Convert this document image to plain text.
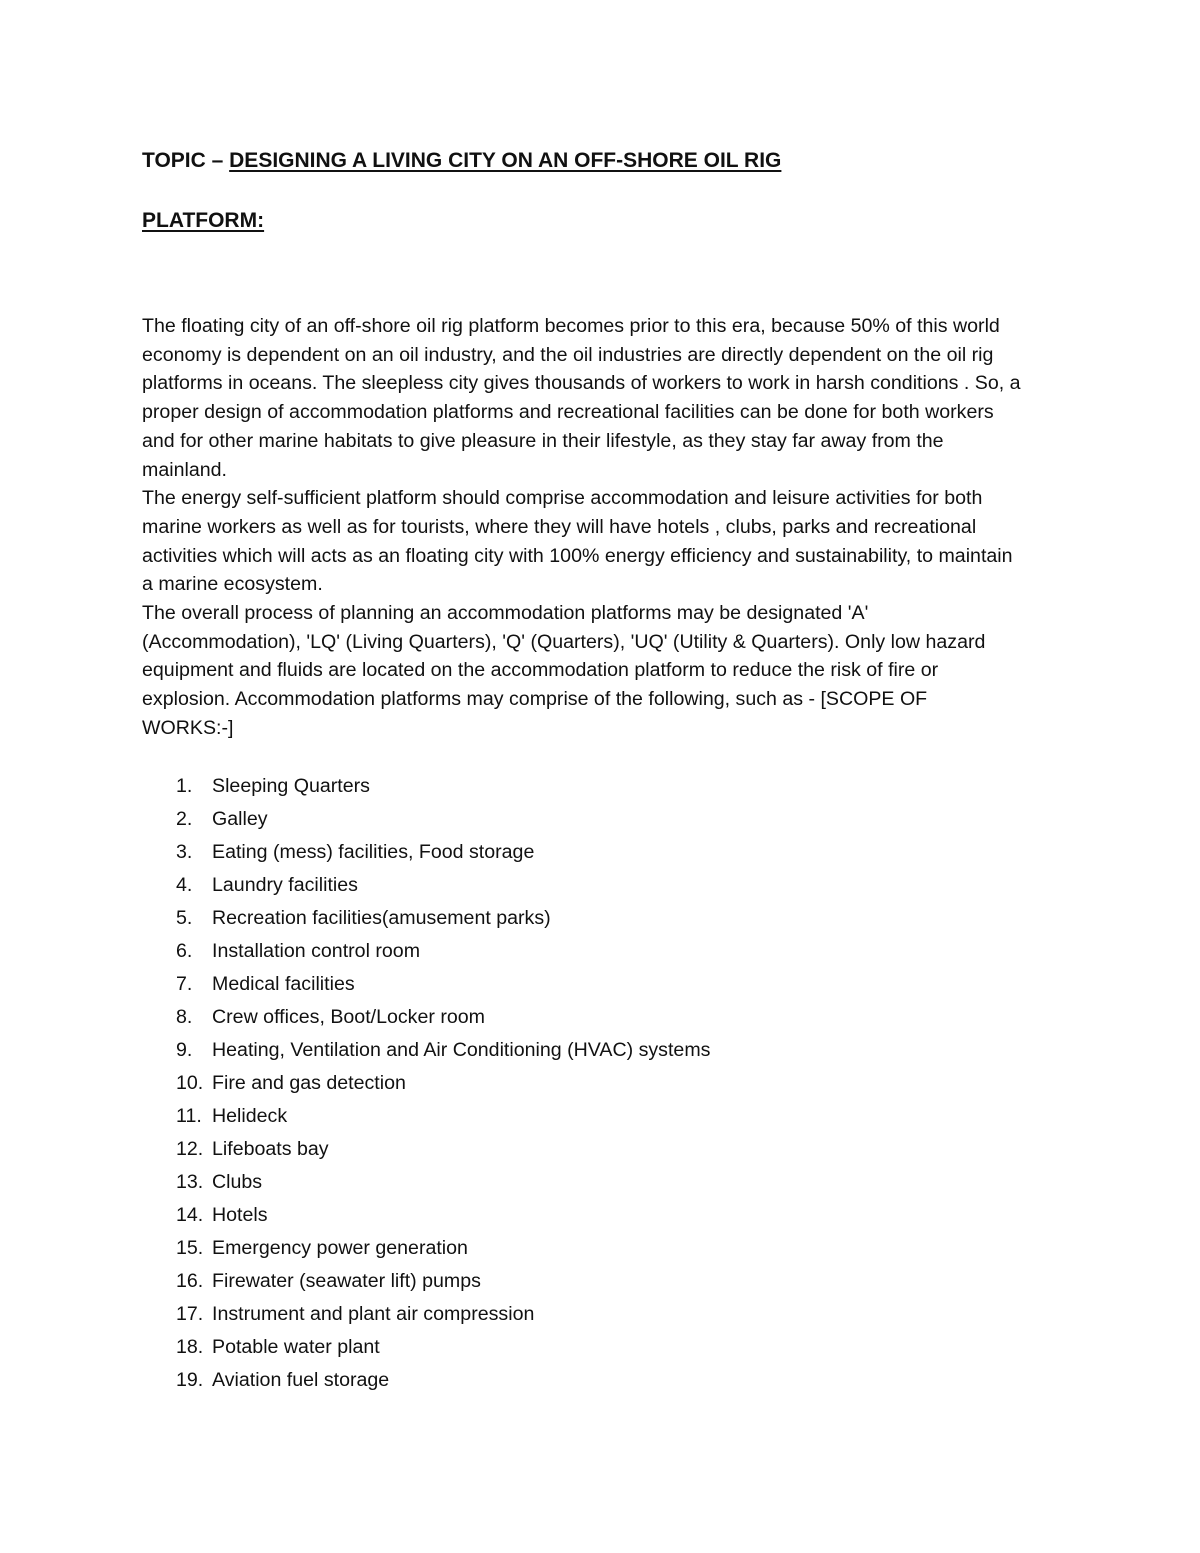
TOPIC – DESIGNING A LIVING CITY ON AN OFF-SHORE OIL RIG
PLATFORM:

The floating city of an off-shore oil rig platform becomes prior to this era, because 50% of this world economy is dependent on an oil industry, and the oil industries are directly dependent on the oil rig platforms in oceans. The sleepless city gives thousands of workers to work in harsh conditions . So, a proper design of accommodation platforms and recreational facilities can be done for both workers and for other marine habitats to give pleasure in their lifestyle, as they stay far away from the mainland.

The energy self-sufficient platform should comprise accommodation and leisure activities for both marine workers as well as for tourists, where they will have hotels , clubs, parks and recreational activities which will acts as an floating city with 100% energy efficiency and sustainability, to maintain a marine ecosystem.

The overall process of planning an accommodation platforms may be designated 'A' (Accommodation), 'LQ' (Living Quarters), 'Q' (Quarters), 'UQ' (Utility & Quarters). Only low hazard equipment and fluids are located on the accommodation platform to reduce the risk of fire or explosion. Accommodation platforms may comprise of the following, such as - [SCOPE OF WORKS:-]

1.	Sleeping Quarters
2.	Galley
3.	Eating (mess) facilities, Food storage
4.	Laundry facilities
5.	Recreation facilities(amusement parks)
6.	Installation control room
7.	Medical facilities
8.	Crew offices, Boot/Locker room
9.	Heating, Ventilation and Air Conditioning (HVAC) systems
10. Fire and gas detection
11. Helideck
12. Lifeboats bay
13. Clubs
14. Hotels
15. Emergency power generation
16. Firewater (seawater lift) pumps
17. Instrument and plant air compression
18. Potable water plant
19. Aviation fuel storage
